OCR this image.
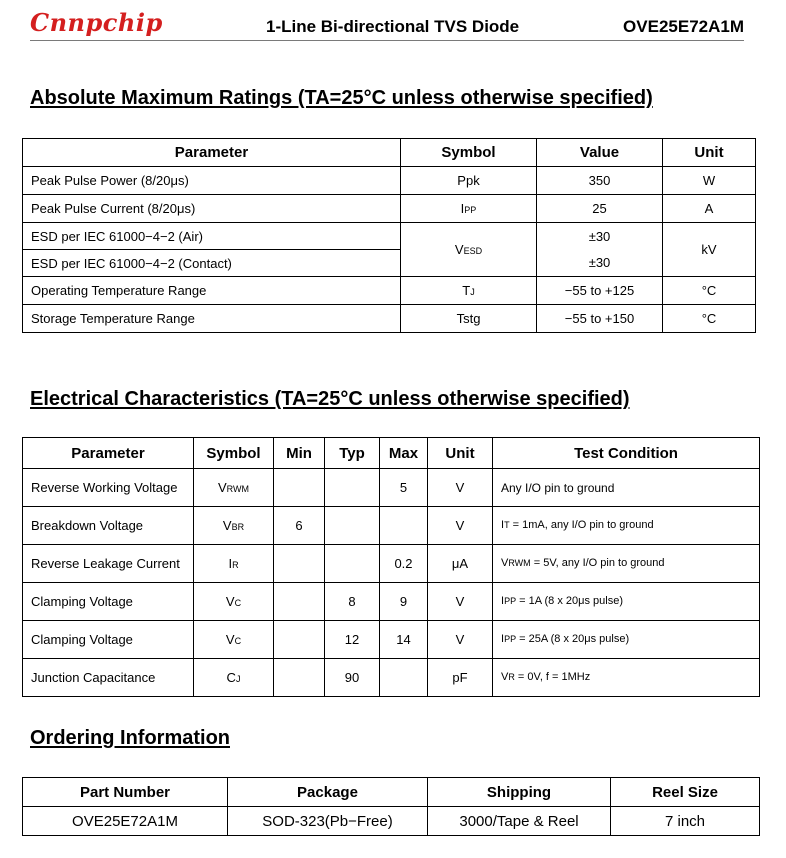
Cnnpchip	1-Line Bi-directional TVS Diode	OVE25E72A1M
Absolute Maximum Ratings (TA=25°C unless otherwise specified)
Parameter	Symbol	Value	Unit
Peak Pulse Power (8/20μs)	Ppk	350	W
Peak Pulse Current (8/20μs)	IPP	25	A
ESD per IEC 61000−4−2 (Air)	VESD	±30	kV
ESD per IEC 61000−4−2 (Contact)		±30	
Operating Temperature Range	TJ	−55 to +125	°C
Storage Temperature Range	Tstg	−55 to +150	°C
Electrical Characteristics (TA=25°C unless otherwise specified)
Parameter	Symbol	Min	Typ	Max	Unit	Test Condition
Reverse Working Voltage	VRWM			5	V	Any I/O pin to ground
Breakdown Voltage	VBR	6			V	IT = 1mA, any I/O pin to ground
Reverse Leakage Current	IR			0.2	μA	VRWM = 5V, any I/O pin to ground
Clamping Voltage	VC		8	9	V	IPP = 1A (8 x 20μs pulse)
Clamping Voltage	VC		12	14	V	IPP = 25A (8 x 20μs pulse)
Junction Capacitance	CJ		90		pF	VR = 0V, f = 1MHz
Ordering Information
Part Number	Package	Shipping	Reel Size
OVE25E72A1M	SOD-323(Pb−Free)	3000/Tape & Reel	7 inch
